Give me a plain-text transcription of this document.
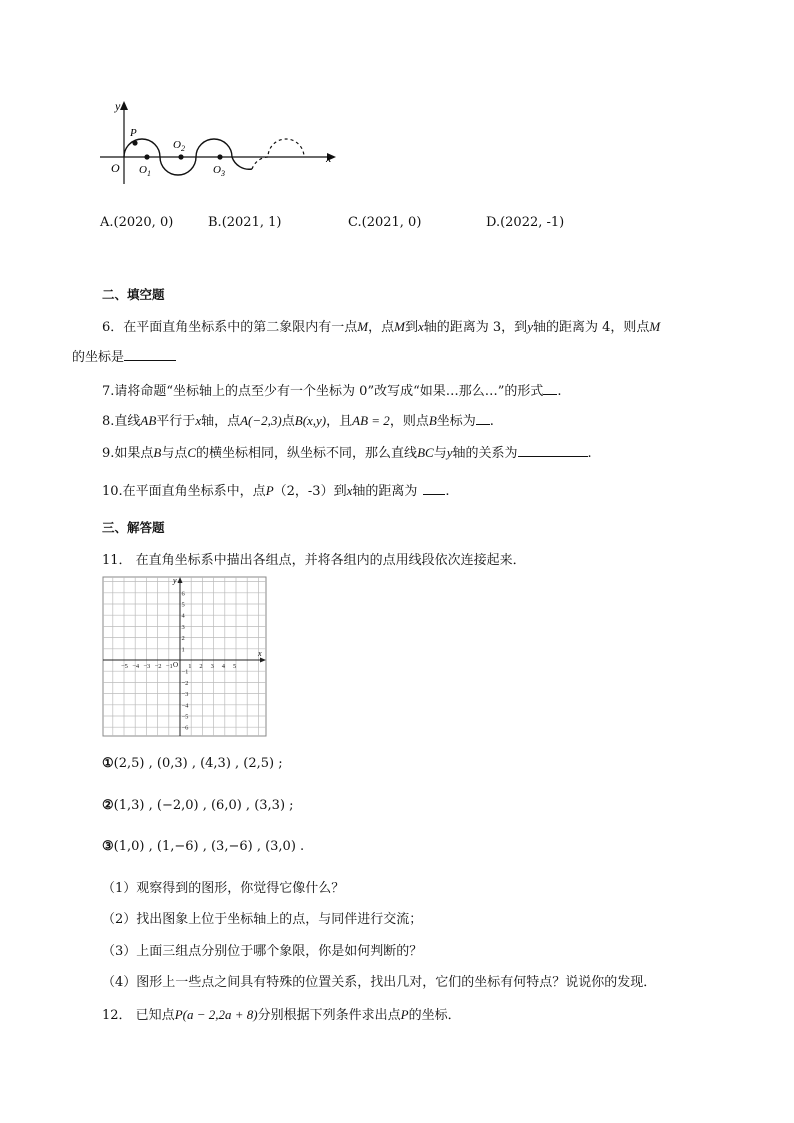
y
x
O
P
$O_1$
$O_2$
$O_3$
A.(2020, 0)	B.(2021, 1)	C.(2021, 0)	D.(2022, -1)
二、填空题
6．在平面直角坐标系中的第二象限内有一点M，点M到x轴的距离为 3，到y轴的距离为 4，则点M
的坐标是
7.请将命题“坐标轴上的点至少有一个坐标为 0”改写成“如果…那么…”的形式 .
8.直线AB平行于x轴，点A(−2,3)点B(x,y)，且AB = 2，则点B坐标为 .
9.如果点B与点C的横坐标相同，纵坐标不同，那么直线BC与y轴的关系为	.
10.在平面直角坐标系中，点P（2，-3）到x轴的距离为 .
三、解答题
11． 在直角坐标系中描出各组点，并将各组内的点用线段依次连接起来．
x
y
O
−5 −4 −3 −2 −1 1 2 3 4 5
6
5
4
3
2
1
−1
−2
−3
−4
−5
−6
①(2,5) , (0,3) , (4,3) , (2,5) ;
②(1,3) , (−2,0) , (6,0) , (3,3) ;
③(1,0) , (1,−6) , (3,−6) , (3,0) .
（1）观察得到的图形，你觉得它像什么？
（2）找出图象上位于坐标轴上的点，与同伴进行交流；
（3）上面三组点分别位于哪个象限，你是如何判断的？
（4）图形上一些点之间具有特殊的位置关系，找出几对，它们的坐标有何特点？说说你的发现．
12． 已知点P(a − 2,2a + 8)分别根据下列条件求出点P的坐标．
